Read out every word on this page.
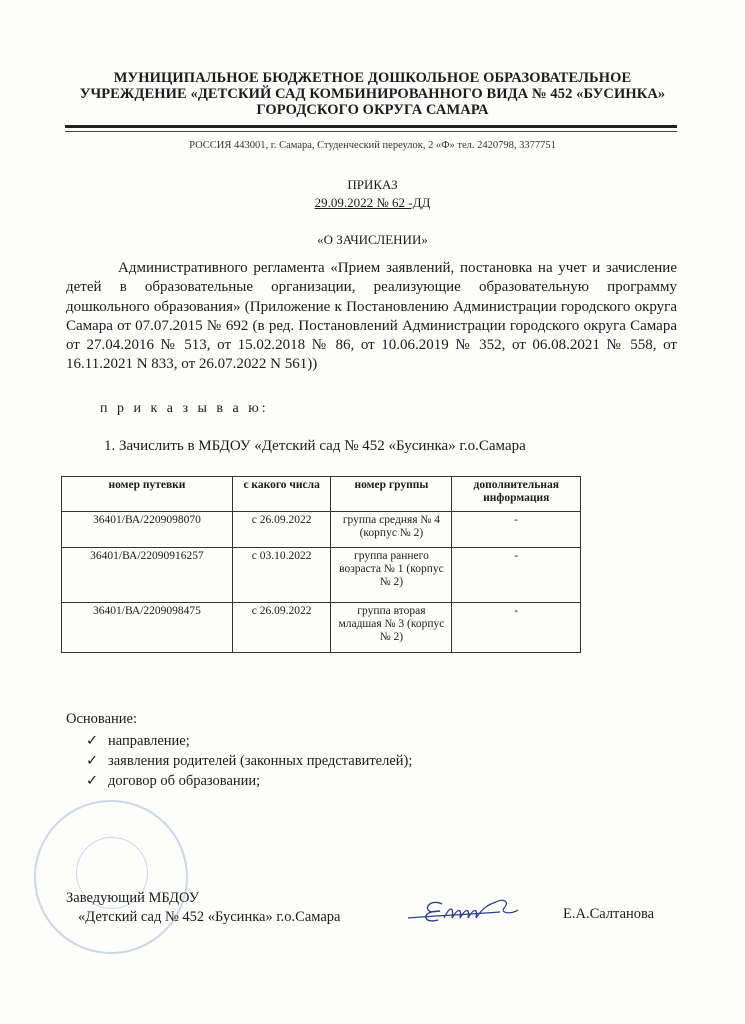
МУНИЦИПАЛЬНОЕ БЮДЖЕТНОЕ ДОШКОЛЬНОЕ ОБРАЗОВАТЕЛЬНОЕ
УЧРЕЖДЕНИЕ «ДЕТСКИЙ САД КОМБИНИРОВАННОГО ВИДА № 452 «БУСИНКА»
ГОРОДСКОГО ОКРУГА САМАРА
РОССИЯ 443001, г. Самара, Студенческий переулок, 2 «Ф» тел. 2420798, 3377751
ПРИКАЗ
29.09.2022 № 62 -ДД
«О ЗАЧИСЛЕНИИ»
Административного регламента «Прием заявлений, постановка на учет и зачисление детей в образовательные организации, реализующие образовательную программу дошкольного образования» (Приложение к Постановлению Администрации городского округа Самара от 07.07.2015 № 692 (в ред. Постановлений Администрации городского округа Самара от 27.04.2016 № 513, от 15.02.2018 № 86, от 10.06.2019 № 352, от 06.08.2021 № 558, от 16.11.2021 N 833, от 26.07.2022 N 561))
п р и к а з ы в а ю:
1. Зачислить в МБДОУ «Детский сад № 452 «Бусинка» г.о.Самара
номер путевки	с какого числа	номер группы	дополнительная информация
36401/ВА/2209098070	с 26.09.2022	группа средняя № 4 (корпус № 2)	-
36401/ВА/22090916257	с 03.10.2022	группа раннего возраста № 1 (корпус № 2)	-
36401/ВА/2209098475	с 26.09.2022	группа вторая младшая № 3 (корпус № 2)	-
Основание:
✓ направление;
✓ заявления родителей (законных представителей);
✓ договор об образовании;
Заведующий МБДОУ
«Детский сад № 452 «Бусинка» г.о.Самара	Е.А.Салтанова
